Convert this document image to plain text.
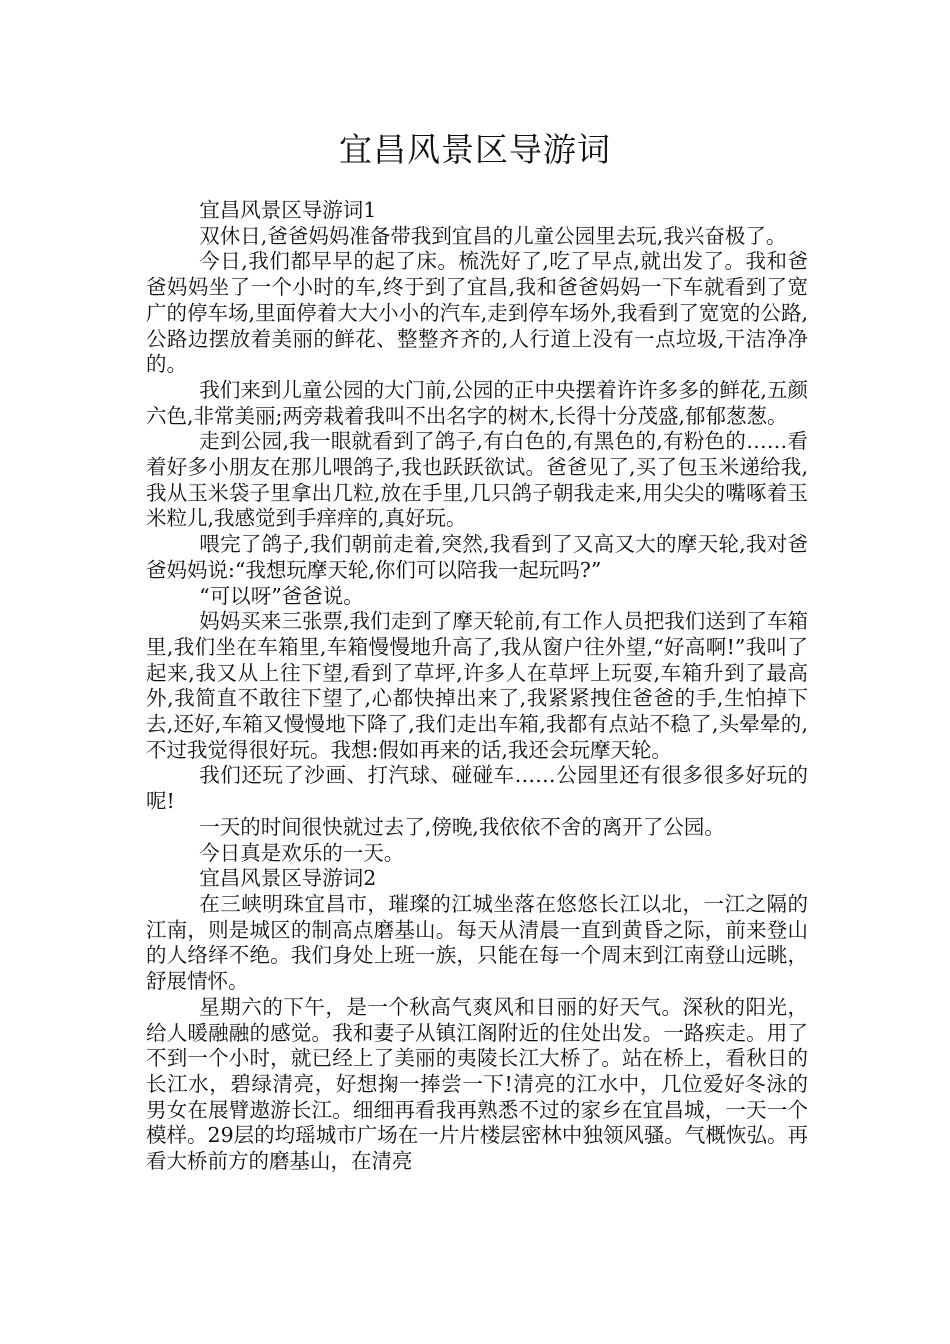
宜昌风景区导游词

宜昌风景区导游词1

双休日,爸爸妈妈准备带我到宜昌的儿童公园里去玩,我兴奋极了。

今日,我们都早早的起了床。梳洗好了,吃了早点,就出发了。我和爸爸妈妈坐了一个小时的车,终于到了宜昌,我和爸爸妈妈一下车就看到了宽广的停车场,里面停着大大小小的汽车,走到停车场外,我看到了宽宽的公路,公路边摆放着美丽的鲜花、整整齐齐的,人行道上没有一点垃圾,干洁净净的。

我们来到儿童公园的大门前,公园的正中央摆着许许多多的鲜花,五颜六色,非常美丽;两旁栽着我叫不出名字的树木,长得十分茂盛,郁郁葱葱。

走到公园,我一眼就看到了鸽子,有白色的,有黑色的,有粉色的……看着好多小朋友在那儿喂鸽子,我也跃跃欲试。爸爸见了,买了包玉米递给我,我从玉米袋子里拿出几粒,放在手里,几只鸽子朝我走来,用尖尖的嘴啄着玉米粒儿,我感觉到手痒痒的,真好玩。

喂完了鸽子,我们朝前走着,突然,我看到了又高又大的摩天轮,我对爸爸妈妈说:“我想玩摩天轮,你们可以陪我一起玩吗?”

“可以呀”爸爸说。

妈妈买来三张票,我们走到了摩天轮前,有工作人员把我们送到了车箱里,我们坐在车箱里,车箱慢慢地升高了,我从窗户往外望,“好高啊!”我叫了起来,我又从上往下望,看到了草坪,许多人在草坪上玩耍,车箱升到了最高外,我简直不敢往下望了,心都快掉出来了,我紧紧拽住爸爸的手,生怕掉下去,还好,车箱又慢慢地下降了,我们走出车箱,我都有点站不稳了,头晕晕的,不过我觉得很好玩。我想:假如再来的话,我还会玩摩天轮。

我们还玩了沙画、打汽球、碰碰车……公园里还有很多很多好玩的呢!

一天的时间很快就过去了,傍晚,我依依不舍的离开了公园。

今日真是欢乐的一天。

宜昌风景区导游词2

在三峡明珠宜昌市，璀璨的江城坐落在悠悠长江以北，一江之隔的江南，则是城区的制高点磨基山。每天从清晨一直到黄昏之际，前来登山的人络绎不绝。我们身处上班一族，只能在每一个周末到江南登山远眺，舒展情怀。

星期六的下午，是一个秋高气爽风和日丽的好天气。深秋的阳光，给人暖融融的感觉。我和妻子从镇江阁附近的住处出发。一路疾走。用了不到一个小时，就已经上了美丽的夷陵长江大桥了。站在桥上，看秋日的长江水，碧绿清亮，好想掬一捧尝一下!清亮的江水中，几位爱好冬泳的男女在展臂遨游长江。细细再看我再熟悉不过的家乡在宜昌城，一天一个模样。29层的均瑶城市广场在一片片楼层密林中独领风骚。气概恢弘。再看大桥前方的磨基山，在清亮
